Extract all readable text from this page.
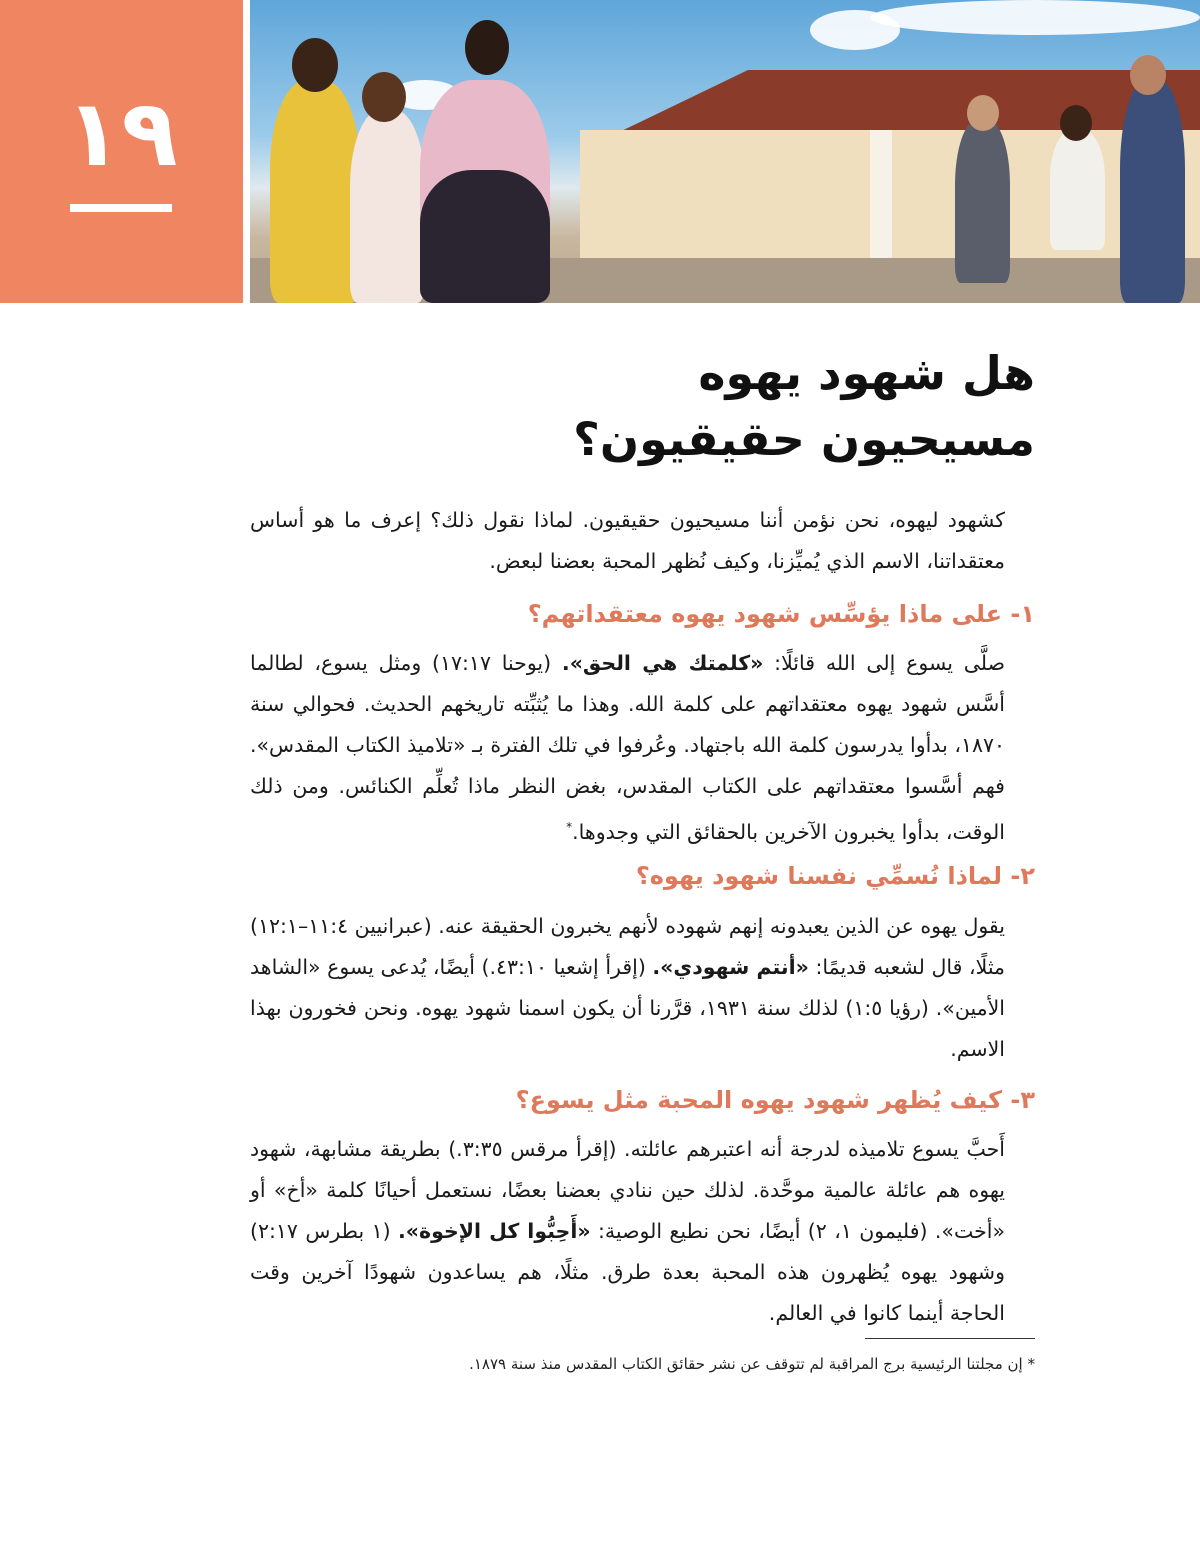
١٩
هل شهود يهوه
مسيحيون حقيقيون؟
كشهود ليهوه، نحن نؤمن أننا مسيحيون حقيقيون. لماذا نقول ذلك؟ إعرف ما هو أساس معتقداتنا، الاسم الذي يُميِّزنا، وكيف نُظهر المحبة بعضنا لبعض.
١- على ماذا يؤسِّس شهود يهوه معتقداتهم؟
صلَّى يسوع إلى الله قائلًا: «كلمتك هي الحق». (يوحنا ١٧:١٧) ومثل يسوع، لطالما أسَّس شهود يهوه معتقداتهم على كلمة الله. وهذا ما يُثبِّته تاريخهم الحديث. فحوالي سنة ١٨٧٠، بدأوا يدرسون كلمة الله باجتهاد. وعُرفوا في تلك الفترة بـ «تلاميذ الكتاب المقدس». فهم أسَّسوا معتقداتهم على الكتاب المقدس، بغض النظر ماذا تُعلِّم الكنائس. ومن ذلك الوقت، بدأوا يخبرون الآخرين بالحقائق التي وجدوها.*
٢- لماذا نُسمِّي نفسنا شهود يهوه؟
يقول يهوه عن الذين يعبدونه إنهم شهوده لأنهم يخبرون الحقيقة عنه. (عبرانيين ١١:٤–١٢:١) مثلًا، قال لشعبه قديمًا: «أنتم شهودي». (إقرأ إشعيا ٤٣:١٠.) أيضًا، يُدعى يسوع «الشاهد الأمين». (رؤيا ١:٥) لذلك سنة ١٩٣١، قرَّرنا أن يكون اسمنا شهود يهوه. ونحن فخورون بهذا الاسم.
٣- كيف يُظهر شهود يهوه المحبة مثل يسوع؟
أَحبَّ يسوع تلاميذه لدرجة أنه اعتبرهم عائلته. (إقرأ مرقس ٣:٣٥.) بطريقة مشابهة، شهود يهوه هم عائلة عالمية موحَّدة. لذلك حين ننادي بعضنا بعضًا، نستعمل أحيانًا كلمة «أخ» أو «أخت». (فليمون ١، ٢) أيضًا، نحن نطيع الوصية: «أَحِبُّوا كل الإخوة». (١ بطرس ٢:١٧) وشهود يهوه يُظهرون هذه المحبة بعدة طرق. مثلًا، هم يساعدون شهودًا آخرين وقت الحاجة أينما كانوا في العالم.
* إن مجلتنا الرئيسية برج المراقبة لم تتوقف عن نشر حقائق الكتاب المقدس منذ سنة ١٨٧٩.
